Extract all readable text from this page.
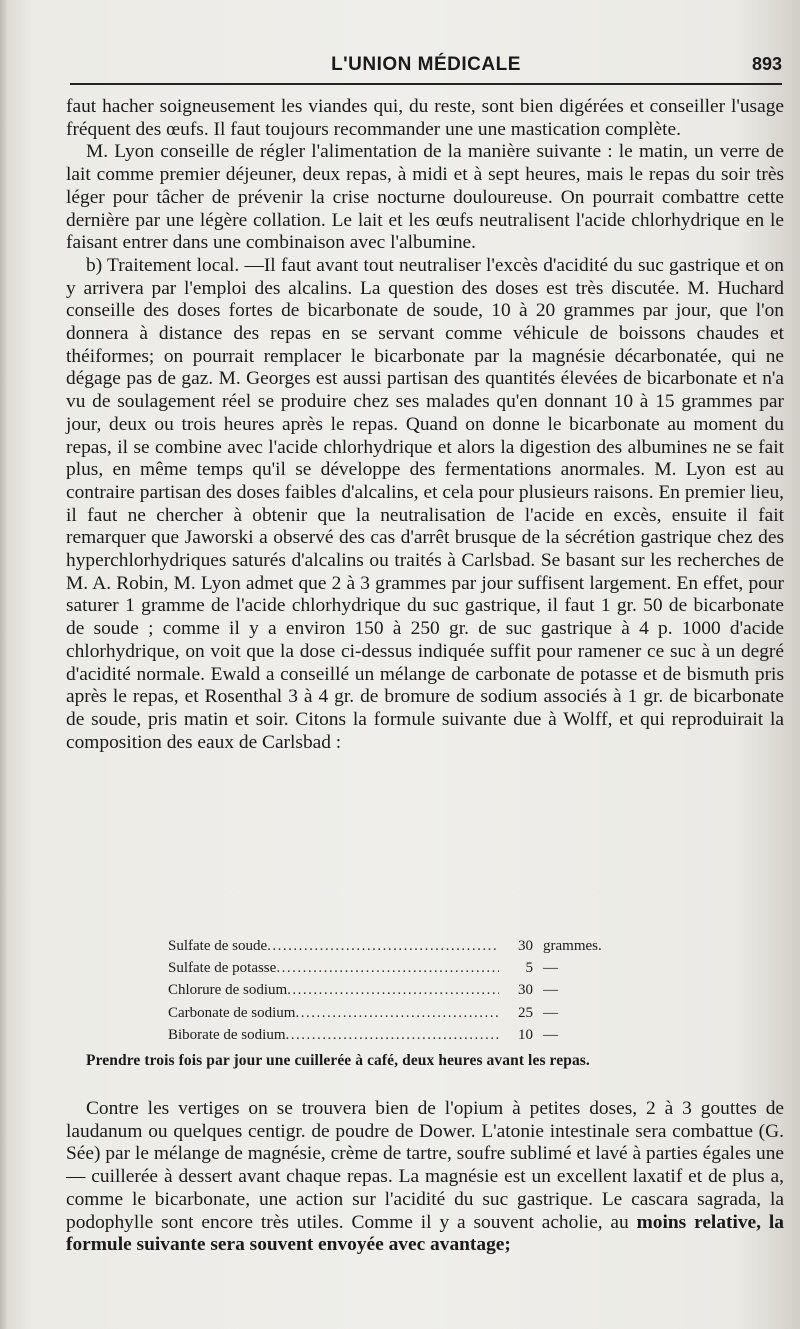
L'UNION MÉDICALE	893

faut hacher soigneusement les viandes qui, du reste, sont bien digérées et conseiller l'usage fréquent des œufs. Il faut toujours recommander une une mastication complète.

M. Lyon conseille de régler l'alimentation de la manière suivante : le matin, un verre de lait comme premier déjeuner, deux repas, à midi et à sept heures, mais le repas du soir très léger pour tâcher de prévenir la crise nocturne douloureuse. On pourrait combattre cette dernière par une légère collation. Le lait et les œufs neutralisent l'acide chlorhydrique en le faisant entrer dans une combinaison avec l'albumine.

b) Traitement local. —Il faut avant tout neutraliser l'excès d'acidité du suc gastrique et on y arrivera par l'emploi des alcalins. La question des doses est très discutée. M. Huchard conseille des doses fortes de bicarbonate de soude, 10 à 20 grammes par jour, que l'on donnera à distance des repas en se servant comme véhicule de boissons chaudes et théiformes; on pourrait remplacer le bicarbonate par la magnésie décarbonatée, qui ne dégage pas de gaz. M. Georges est aussi partisan des quantités élevées de bicarbonate et n'a vu de soulagement réel se produire chez ses malades qu'en donnant 10 à 15 grammes par jour, deux ou trois heures après le repas. Quand on donne le bicarbonate au moment du repas, il se combine avec l'acide chlorhydrique et alors la digestion des albumines ne se fait plus, en même temps qu'il se développe des fermentations anormales. M. Lyon est au contraire partisan des doses faibles d'alcalins, et cela pour plusieurs raisons. En premier lieu, il faut ne chercher à obtenir que la neutralisation de l'acide en excès, ensuite il fait remarquer que Jaworski a observé des cas d'arrêt brusque de la sécrétion gastrique chez des hyperchlorhydriques saturés d'alcalins ou traités à Carlsbad. Se basant sur les recherches de M. A. Robin, M. Lyon admet que 2 à 3 grammes par jour suffisent largement. En effet, pour saturer 1 gramme de l'acide chlorhydrique du suc gastrique, il faut 1 gr. 50 de bicarbonate de soude ; comme il y a environ 150 à 250 gr. de suc gastrique à 4 p. 1000 d'acide chlorhydrique, on voit que la dose ci-dessus indiquée suffit pour ramener ce suc à un degré d'acidité normale. Ewald a conseillé un mélange de carbonate de potasse et de bismuth pris après le repas, et Rosenthal 3 à 4 gr. de bromure de sodium associés à 1 gr. de bicarbonate de soude, pris matin et soir. Citons la formule suivante due à Wolff, et qui reproduirait la composition des eaux de Carlsbad :

Sulfate de soude .....	30 grammes.
Sulfate de potasse .....	5 —
Chlorure de sodium .....	30 —
Carbonate de sodium .....	25 —
Biborate de sodium .....	10 —
Prendre trois fois par jour une cuillerée à café, deux heures avant les repas.

Contre les vertiges on se trouvera bien de l'opium à petites doses, 2 à 3 gouttes de laudanum ou quelques centigr. de poudre de Dower. L'atonie intestinale sera combattue (G. Sée) par le mélange de magnésie, crème de tartre, soufre sublimé et lavé à parties égales une — cuillerée à dessert avant chaque repas. La magnésie est un excellent laxatif et de plus a, comme le bicarbonate, une action sur l'acidité du suc gastrique. Le cascara sagrada, la podophylle sont encore très utiles. Comme il y a souvent acholie, au moins relative, la formule suivante sera souvent envoyée avec avantage;
